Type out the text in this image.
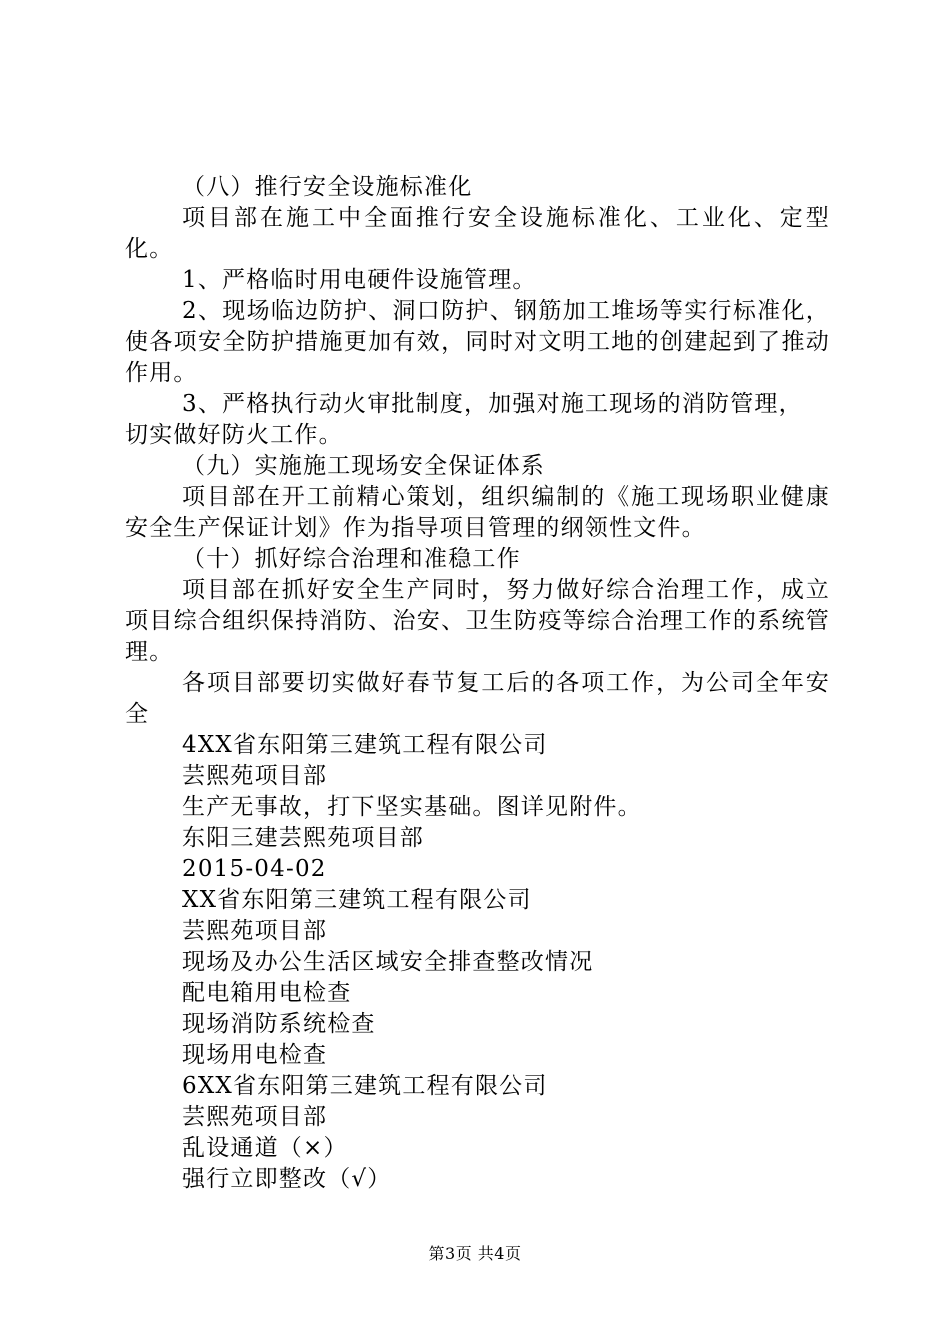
（八）推行安全设施标准化
项目部在施工中全面推行安全设施标准化、工业化、定型化。
1、严格临时用电硬件设施管理。
2、现场临边防护、洞口防护、钢筋加工堆场等实行标准化，使各项安全防护措施更加有效，同时对文明工地的创建起到了推动作用。
3、严格执行动火审批制度，加强对施工现场的消防管理，
切实做好防火工作。
（九）实施施工现场安全保证体系
项目部在开工前精心策划，组织编制的《施工现场职业健康安全生产保证计划》作为指导项目管理的纲领性文件。
（十）抓好综合治理和准稳工作
项目部在抓好安全生产同时，努力做好综合治理工作，成立项目综合组织保持消防、治安、卫生防疫等综合治理工作的系统管理。
各项目部要切实做好春节复工后的各项工作，为公司全年安全
4XX省东阳第三建筑工程有限公司
芸熙苑项目部
生产无事故，打下坚实基础。图详见附件。
东阳三建芸熙苑项目部
2015-04-02
XX省东阳第三建筑工程有限公司
芸熙苑项目部
现场及办公生活区域安全排查整改情况
配电箱用电检查
现场消防系统检查
现场用电检查
6XX省东阳第三建筑工程有限公司
芸熙苑项目部
乱设通道（×）
强行立即整改（√）
第3页 共4页
